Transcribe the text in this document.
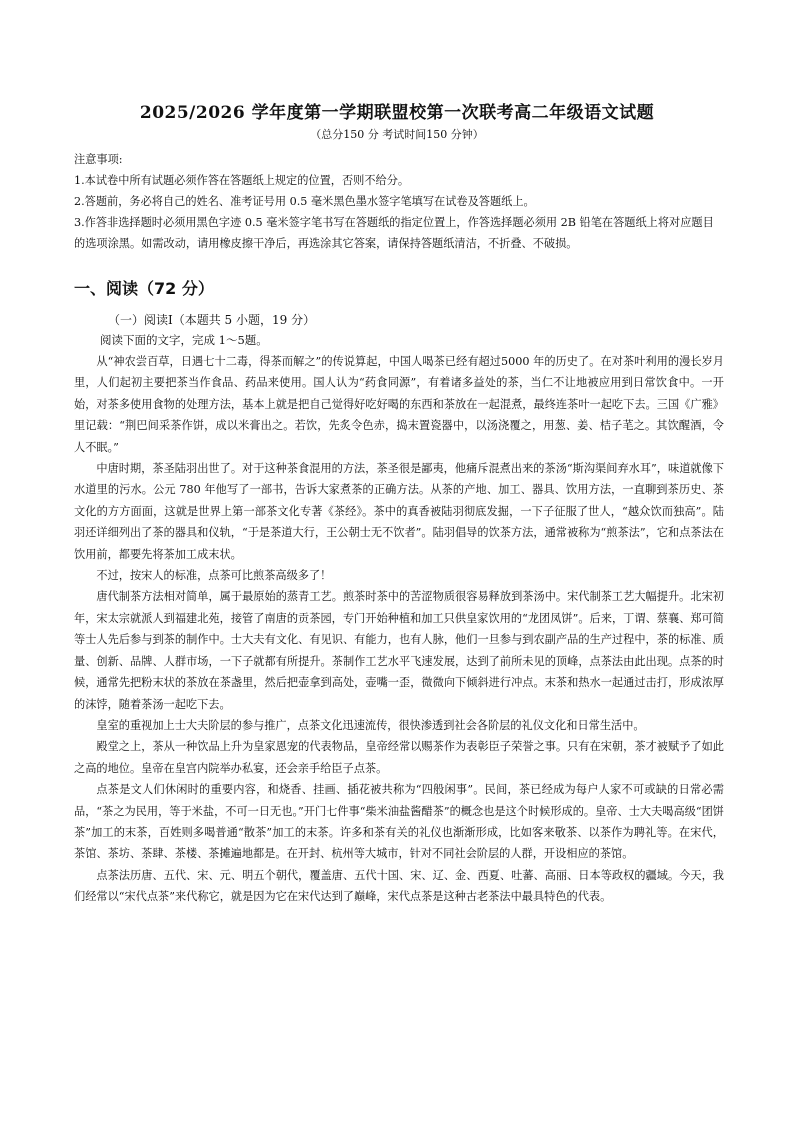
2025/2026 学年度第一学期联盟校第一次联考高二年级语文试题
（总分150 分 考试时间150 分钟）
注意事项:
1.本试卷中所有试题必须作答在答题纸上规定的位置，否则不给分。
2.答题前，务必将自己的姓名、准考证号用 0.5 毫米黑色墨水签字笔填写在试卷及答题纸上。
3.作答非选择题时必须用黑色字迹 0.5 毫米签字笔书写在答题纸的指定位置上，作答选择题必须用 2B 铅笔在答题纸上将对应题目的选项涂黑。如需改动，请用橡皮擦干净后，再选涂其它答案，请保持答题纸清洁，不折叠、不破损。
一、阅读（72 分）
（一）阅读Ⅰ（本题共 5 小题，19 分）
阅读下面的文字，完成 1～5题。

从“神农尝百草，日遇七十二毒，得茶而解之”的传说算起，中国人喝茶已经有超过5000 年的历史了。在对茶叶利用的漫长岁月里，人们起初主要把茶当作食品、药品来使用。国人认为“药食同源”，有着诸多益处的茶，当仁不让地被应用到日常饮食中。一开始，对茶多使用食物的处理方法，基本上就是把自己觉得好吃好喝的东西和茶放在一起混煮，最终连茶叶一起吃下去。三国《广雅》里记载：“荆巴间采茶作饼，成以米膏出之。若饮，先炙令色赤，捣末置瓷器中，以汤浇覆之，用葱、姜、桔子芼之。其饮醒酒，令人不眠。”

中唐时期，茶圣陆羽出世了。对于这种茶食混用的方法，茶圣很是鄙夷，他痛斥混煮出来的茶汤“斯沟渠间弃水耳”，味道就像下水道里的污水。公元 780 年他写了一部书，告诉大家煮茶的正确方法。从茶的产地、加工、器具、饮用方法，一直聊到茶历史、茶文化的方方面面，这就是世界上第一部茶文化专著《茶经》。茶中的真香被陆羽彻底发掘，一下子征服了世人，“越众饮而独高”。陆羽还详细列出了茶的器具和仪轨，“于是茶道大行，王公朝士无不饮者”。陆羽倡导的饮茶方法，通常被称为“煎茶法”，它和点茶法在饮用前，都要先将茶加工成末状。

不过，按宋人的标准，点茶可比煎茶高级多了！

唐代制茶方法相对简单，属于最原始的蒸青工艺。煎茶时茶中的苦涩物质很容易释放到茶汤中。宋代制茶工艺大幅提升。北宋初年，宋太宗就派人到福建北苑，接管了南唐的贡茶园，专门开始种植和加工只供皇家饮用的“龙团凤饼”。后来，丁谓、蔡襄、郑可简等士人先后参与到茶的制作中。士大夫有文化、有见识、有能力，也有人脉，他们一旦参与到农副产品的生产过程中，茶的标准、质量、创新、品牌、人群市场，一下子就都有所提升。茶制作工艺水平飞速发展，达到了前所未见的顶峰，点茶法由此出现。点茶的时候，通常先把粉末状的茶放在茶盏里，然后把壶拿到高处，壶嘴一歪，微微向下倾斜进行冲点。末茶和热水一起通过击打，形成浓厚的沫饽，随着茶汤一起吃下去。

皇室的重视加上士大夫阶层的参与推广，点茶文化迅速流传，很快渗透到社会各阶层的礼仪文化和日常生活中。

殿堂之上，茶从一种饮品上升为皇家恩宠的代表物品，皇帝经常以赐茶作为表彰臣子荣誉之事。只有在宋朝，茶才被赋予了如此之高的地位。皇帝在皇宫内院举办私宴，还会亲手给臣子点茶。

点茶是文人们休闲时的重要内容，和烧香、挂画、插花被共称为“四般闲事”。民间，茶已经成为每户人家不可或缺的日常必需品，“茶之为民用，等于米盐，不可一日无也。”开门七件事“柴米油盐酱醋茶”的概念也是这个时候形成的。皇帝、士大夫喝高级“团饼茶”加工的末茶，百姓则多喝普通“散茶”加工的末茶。许多和茶有关的礼仪也渐渐形成，比如客来敬茶、以茶作为聘礼等。在宋代，茶馆、茶坊、茶肆、茶楼、茶摊遍地都是。在开封、杭州等大城市，针对不同社会阶层的人群，开设相应的茶馆。

点茶法历唐、五代、宋、元、明五个朝代，覆盖唐、五代十国、宋、辽、金、西夏、吐蕃、高丽、日本等政权的疆域。今天，我们经常以“宋代点茶”来代称它，就是因为它在宋代达到了巅峰，宋代点茶是这种古老茶法中最具特色的代表。
